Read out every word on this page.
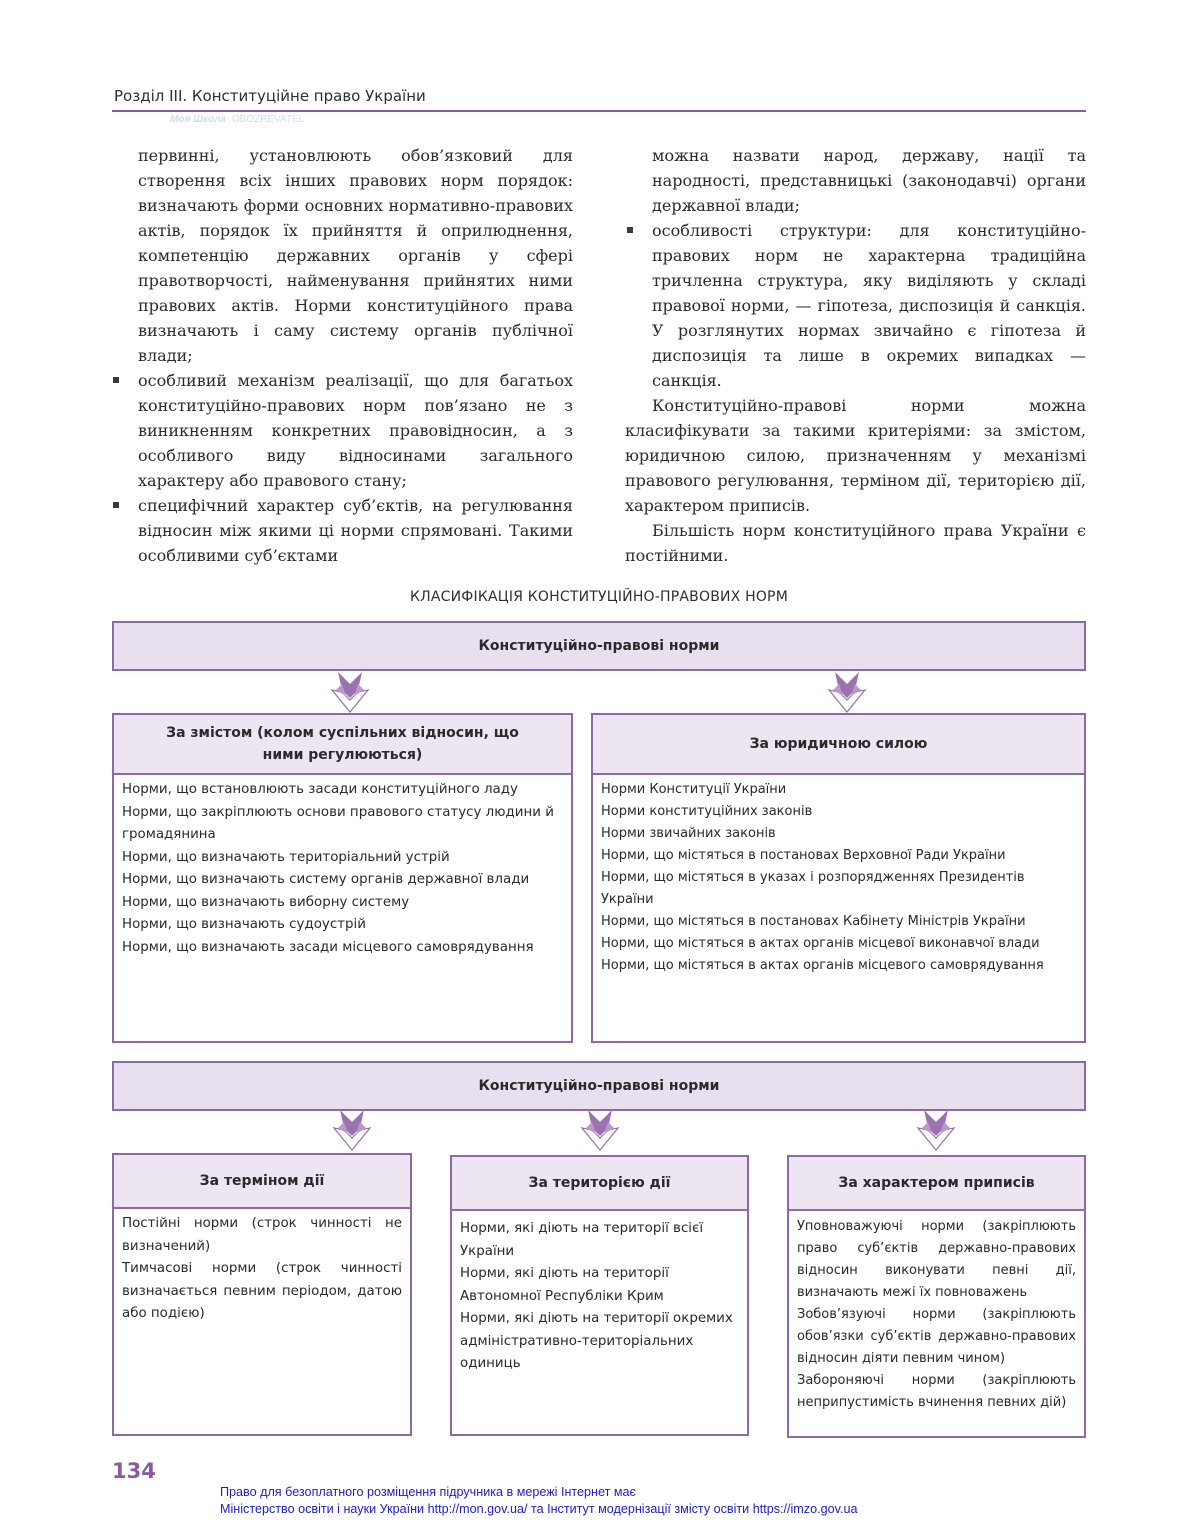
Розділ ІІІ. Конституційне право України
Моя Школа OBOZREVATEL

первинні, установлюють обов’язковий для створення всіх інших правових норм порядок: визначають форми основних нормативно-правових актів, порядок їх прийняття й оприлюднення, компетенцію державних органів у сфері правотворчості, найменування прийнятих ними правових актів. Норми конституційного права визначають і саму систему органів публічної влади;

особливий механізм реалізації, що для багатьох конституційно-правових норм пов’язано не з виникненням конкретних правовідносин, а з особливого виду відносинами загального характеру або правового стану;

специфічний характер суб’єктів, на регулювання відносин між якими ці норми спрямовані. Такими особливими суб’єктами

можна назвати народ, державу, нації та народності, представницькі (законодавчі) органи державної влади;

особливості структури: для конституційно-правових норм не характерна традиційна тричленна структура, яку виділяють у складі правової норми, — гіпотеза, диспозиція й санкція. У розглянутих нормах звичайно є гіпотеза й диспозиція та лише в окремих випадках — санкція.

Конституційно-правові норми можна класифікувати за такими критеріями: за змістом, юридичною силою, призначенням у механізмі правового регулювання, терміном дії, територією дії, характером приписів.

Більшість норм конституційного права України є постійними.

КЛАСИФІКАЦІЯ КОНСТИТУЦІЙНО-ПРАВОВИХ НОРМ
Конституційно-правові норми
За змістом (колом суспільних відносин, що ними регулюються)
Норми, що встановлюють засади конституційного ладу
Норми, що закріплюють основи правового статусу людини й громадянина
Норми, що визначають територіальний устрій
Норми, що визначають систему органів державної влади
Норми, що визначають виборну систему
Норми, що визначають судоустрій
Норми, що визначають засади місцевого самоврядування
За юридичною силою
Норми Конституції України
Норми конституційних законів
Норми звичайних законів
Норми, що містяться в постановах Верховної Ради України
Норми, що містяться в указах і розпорядженнях Президентів України
Норми, що містяться в постановах Кабінету Міністрів України
Норми, що містяться в актах органів місцевої виконавчої влади
Норми, що містяться в актах органів місцевого самоврядування
Конституційно-правові норми
За терміном дії
Постійні норми (строк чинності не визначений)
Тимчасові норми (строк чинності визначається певним періодом, датою або подією)
За територією дії
Норми, які діють на території всієї України
Норми, які діють на території Автономної Республіки Крим
Норми, які діють на території окремих адміністративно-територіальних одиниць
За характером приписів
Уповноважуючі норми (закріплюють право суб’єктів державно-правових відносин виконувати певні дії, визначають межі їх повноважень
Зобов’язуючі норми (закріплюють обов’язки суб’єктів державно-правових відносин діяти певним чином)
Забороняючі норми (закріплюють неприпустимість вчинення певних дій)
134
Право для безоплатного розміщення підручника в мережі Інтернет має
Міністерство освіти і науки України http://mon.gov.ua/ та Інститут модернізації змісту освіти https://imzo.gov.ua
